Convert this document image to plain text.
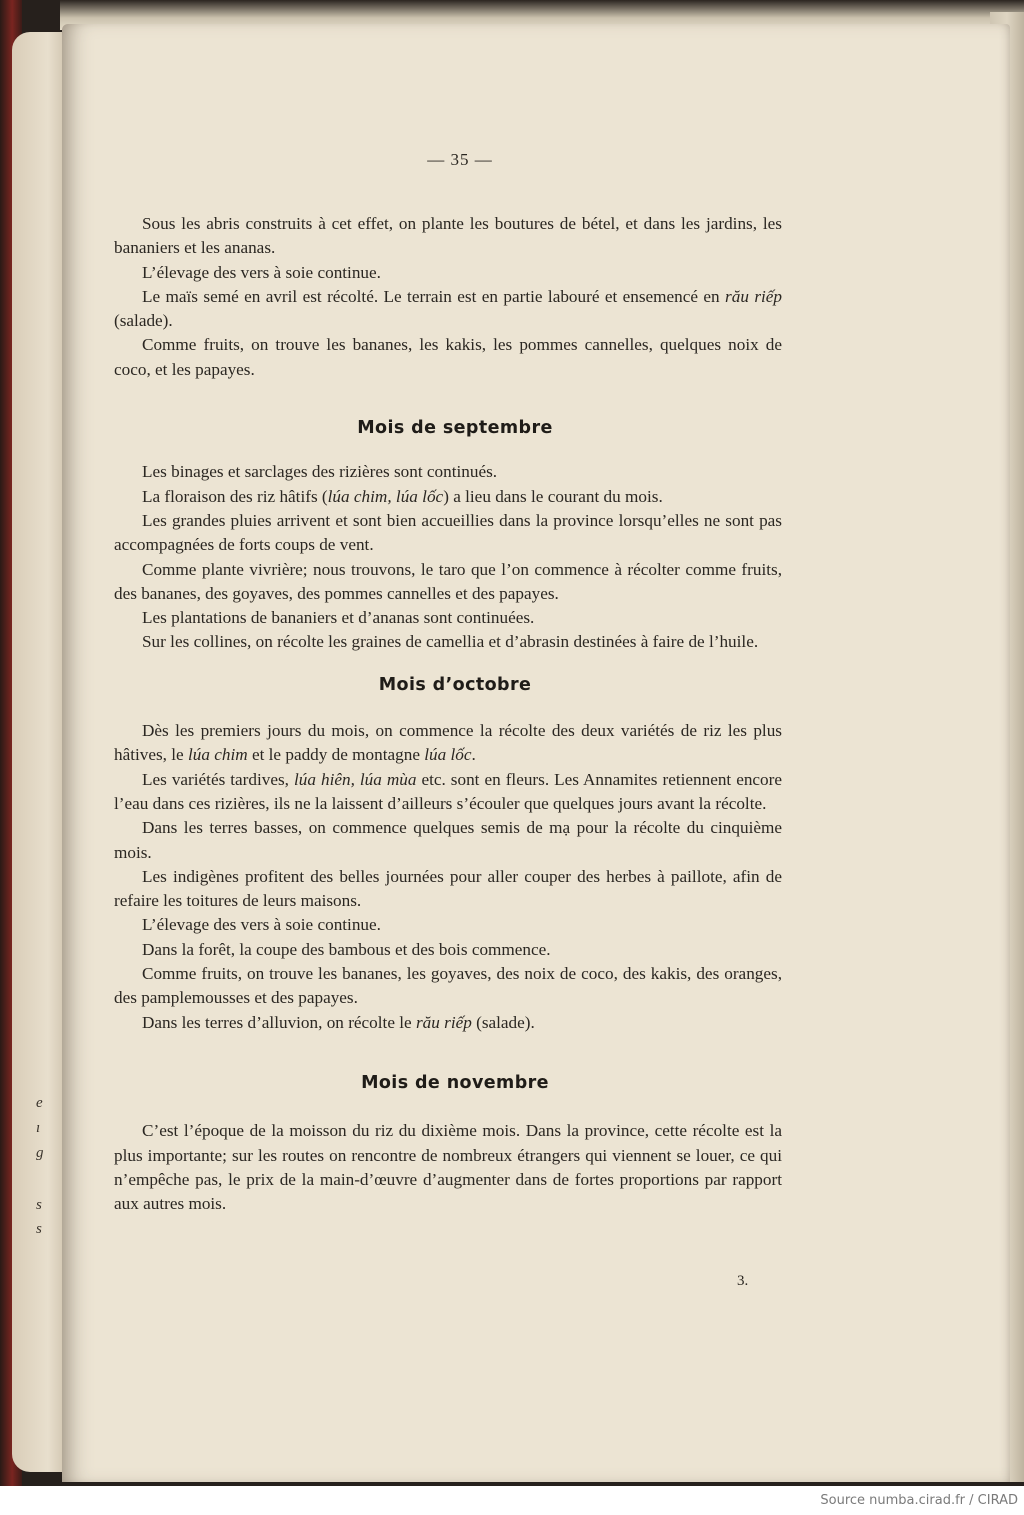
e
ı
g
s
s
— 35 —

Sous les abris construits à cet effet, on plante les boutures de bétel, et dans les jardins, les bananiers et les ananas.

L’élevage des vers à soie continue.

Le maïs semé en avril est récolté. Le terrain est en partie labouré et ensemencé en rău riếp (salade).

Comme fruits, on trouve les bananes, les kakis, les pommes cannelles, quelques noix de coco, et les papayes.

Mois de septembre

Les binages et sarclages des rizières sont continués.

La floraison des riz hâtifs (lúa chim, lúa lốc) a lieu dans le courant du mois.

Les grandes pluies arrivent et sont bien accueillies dans la province lorsqu’elles ne sont pas accompagnées de forts coups de vent.

Comme plante vivrière; nous trouvons, le taro que l’on commence à récolter comme fruits, des bananes, des goyaves, des pommes cannelles et des papayes.

Les plantations de bananiers et d’ananas sont continuées.

Sur les collines, on récolte les graines de camellia et d’abrasin destinées à faire de l’huile.

Mois d’octobre

Dès les premiers jours du mois, on commence la récolte des deux variétés de riz les plus hâtives, le lúa chim et le paddy de montagne lúa lốc.

Les variétés tardives, lúa hiên, lúa mùa etc. sont en fleurs. Les Annamites retiennent encore l’eau dans ces rizières, ils ne la laissent d’ailleurs s’écouler que quelques jours avant la récolte.

Dans les terres basses, on commence quelques semis de mạ pour la récolte du cinquième mois.

Les indigènes profitent des belles journées pour aller couper des herbes à paillote, afin de refaire les toitures de leurs maisons.

L’élevage des vers à soie continue.

Dans la forêt, la coupe des bambous et des bois commence.

Comme fruits, on trouve les bananes, les goyaves, des noix de coco, des kakis, des oranges, des pamplemousses et des papayes.

Dans les terres d’alluvion, on récolte le rău riếp (salade).

Mois de novembre

C’est l’époque de la moisson du riz du dixième mois. Dans la province, cette récolte est la plus importante; sur les routes on rencontre de nombreux étrangers qui viennent se louer, ce qui n’empêche pas, le prix de la main-d’œuvre d’augmenter dans de fortes proportions par rapport aux autres mois.

3.
Source numba.cirad.fr / CIRAD
